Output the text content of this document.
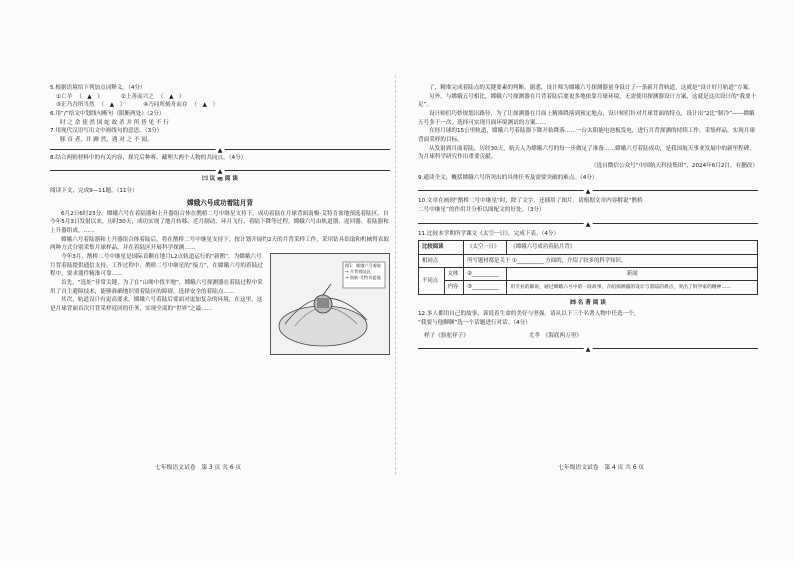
5.根据语境给下列加点词释义。（4分）
①亡羊 （　▲　）	②上善而兴之 （　▲　）
③正乃吾所当然 （　▲　）	④乃同所刻舟而存 （　▲　）
6.用“/”给文中划线句断句（限断两处）（2分）
时 之 余 使 然 国 蛇 故 杀 并 所 皆 见 不 行
7.用现代汉语写出文中画线句的意思。（3分）
豚 首 者，并 踵 然，遇 对 之 不 闻。
▲
8.结合两则材料中的有关内容，探究后种赛、藏理大两个人物的共同点。（4分）
▲
㈢ 议 题 阅 读
阅读下文，完成9—11题。（11分）
嫦娥六号成功着陆月背
6月2日6时23分，嫦娥六号在着陆器和上升器组合体在鹊桥二号中继星支持下，成功着陆在月球背面南极-艾特肯盆地预选着陆区，自今年5月3日发射以来，历时30天，成功实现了地月转移、近月制动、环月飞行、着陆下降等过程。嫦娥六号由轨道器、返回器、着陆器和上升器组成，……
嫦娥六号着陆器和上升器组合体着陆后，将在鹊桥二号中继星支持下，按计划开展约2天的月背采样工作，采用钻具钻取和机械臂表取两种方式分别采集月球样品，并在着陆区开展科学探测……
图1：嫦娥六号着陆
→ 月背着陆区
→ 南极-艾特肯盆地
今年3月，鹊桥二号中继星是国际首颗在地月L2点轨道运行的“新鹊”，为嫦娥六号月背着陆提供通信支持。工作过程中，鹊桥二号中继星的“接力”，在嫦娥六号的着陆过程中，要求器件精准可靠……
首先，“选址”非常关键。为了在“山坳中找平地”，嫦娥六号探测器在着陆过程中采用了自主避障技术，能够准确地识别着陆区的障碍，选择安全的着陆点……
其次，轨道设计有更高要求。嫦娥六号着陆后要面对更加复杂的环境，在这里，这是月球背面首次月背采样返回的任务，实现全部的“世界”之最……
了，精准完成着陆点的关键要素的判断。据悉，设计师为嫦娥六号探测器量身设计了一条新月背轨道，这就是“设计好月轨道”方案。
另外，与嫦娥五号相比，嫦娥六号探测器在月背着陆后要更多地依靠月球环境，无需使用探测器设计方案，这就是这次设计的“我要十足”。
设计师们巧妙规划出路径，为了让探测器在月面上精准降落到预定地点，设计师们针对月球背面的特点，设计出“2比“制冷”——嫦娥五号多于一次。选择可实现月面环境测试的方案……
在经月球的15公里轨道，嫦娥六号着陆器下降开始降落……一台太阳能电池板发电，进行月背探测的持续工作。采集样品，实现月球背面采样的目标。
从发射到月面着陆，历经30天，航天人为嫦娥六号的每一步做足了准备……嫦娥六号着陆成功，是我国航天事业发展中的新里程碑，为月球科学研究作出重要贡献。
（选自微信公众号“中国航天科技集团”，2024年6月2日，有删改）
9.通读全文，概括嫦娥六号所突出的具体任务及需要突破的难点。（4分）
▲
10.文章在画到“鹊桥二号中继星”时，除了文字，还插用了图片，请根据文章内容解说“鹊桥
二号中继星”的作用并分析以图配文的好处。（3分）
▲
11.比较本学期所学课文《太空一日》，完成下表。（4分）
比较阅读		《太空一日》	《嫦娥六号成功着陆月背》
相同点		所写题材都是关于 ①__________ 方面的，介绍了较多的科学知识。	
不同点	文体	②__________	新闻
	内容	③__________	用专业的解说，通过嫦娥六号中的一段故事，介绍探测器的设计与着陆的难点，突出了科学家的精神……
㈣ 名 著 阅 读
12.多人都用自己的故事，诉说着生命的美好与坚强。请从以下三个名著人物中任选一个，
“我要与他聊聊”选一个话题进行对话。（4分）
样子《骆驼祥子》	尤孝　《海底两万里》
▲
七年级语文试卷　第 3 页 共 6 页	七年级语文试卷　第 4 页 共 6 页
